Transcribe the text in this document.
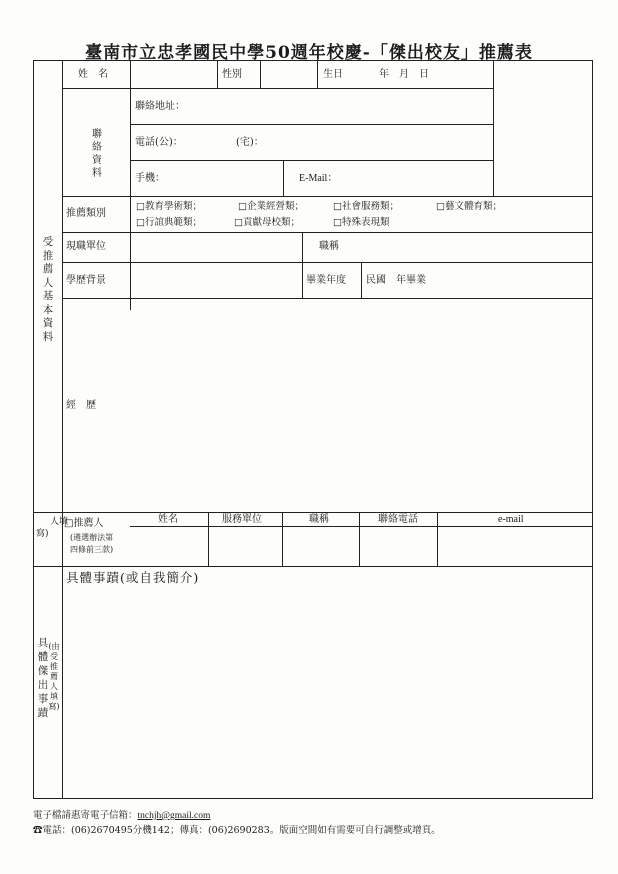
臺南市立忠孝國民中學50週年校慶-「傑出校友」推薦表
受推薦人基本資料
人填
寫)
具體傑出事蹟
(由受推薦人填寫)
姓　名	性別	生日	年　月　日
聯絡資料
聯絡地址：
電話(公)：	(宅)：
手機：	E-Mail：
推薦類別
□教育學術類；	□企業經營類；	□社會服務類；	□藝文體育類；
□行誼典範類；	□貢獻母校類；	□特殊表現類
現職單位	職稱
學歷背景	畢業年度 民國　年畢業
經　歷
□推薦人
(遴選辦法第
四條前三款)
姓名	服務單位	職稱	聯絡電話	e-mail
具體事蹟(或自我簡介)
電子檔請惠寄電子信箱：tnchjh@gmail.com
☎電話：(06)2670495分機142；傳真：(06)2690283。版面空間如有需要可自行調整或增頁。
